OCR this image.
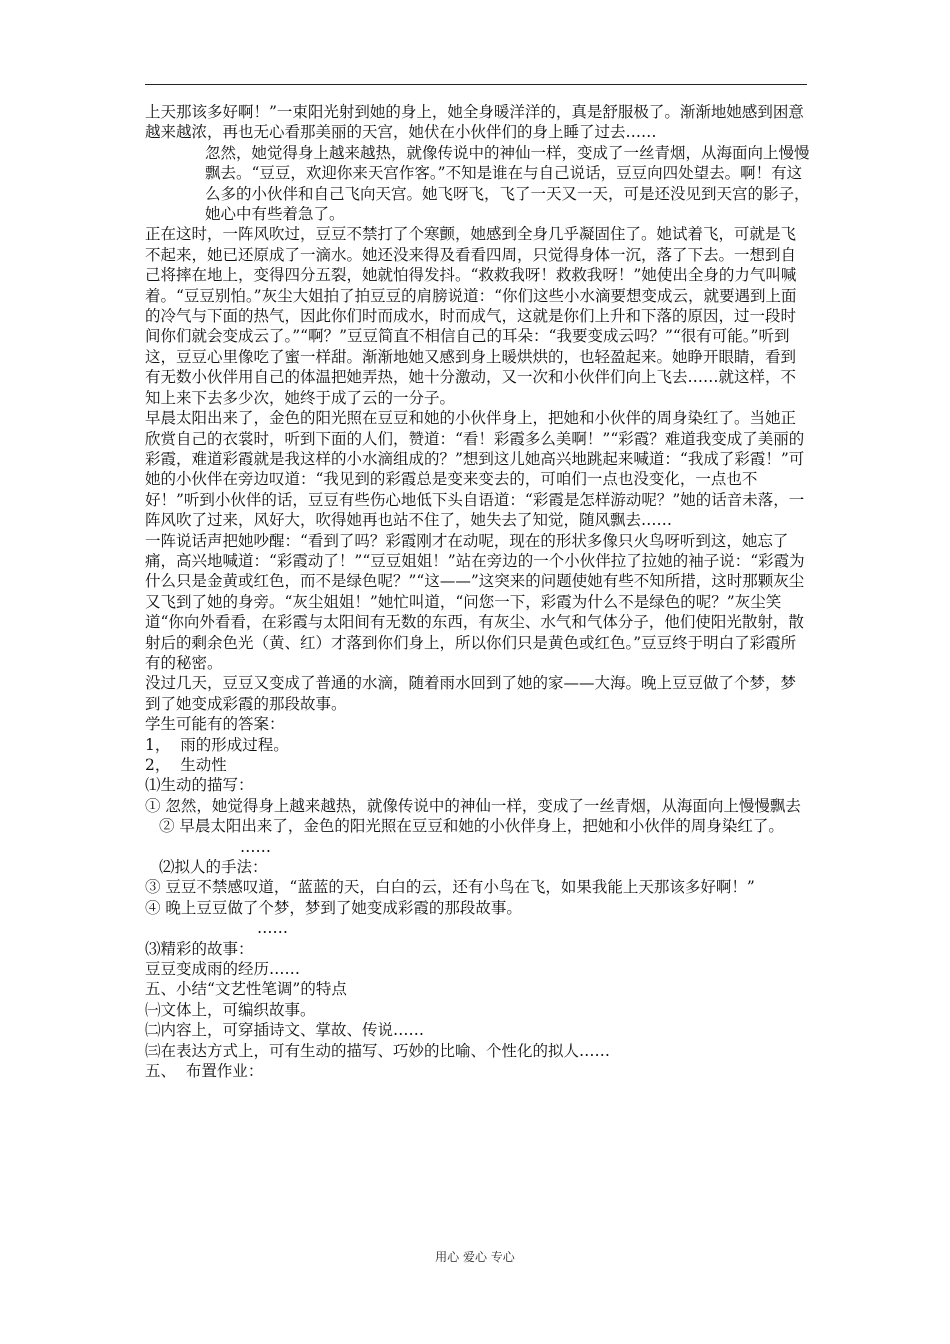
上天那该多好啊！”一束阳光射到她的身上，她全身暖洋洋的，真是舒服极了。渐渐地她感到困意越来越浓，再也无心看那美丽的天宫，她伏在小伙伴们的身上睡了过去……

忽然，她觉得身上越来越热，就像传说中的神仙一样，变成了一丝青烟，从海面向上慢慢飘去。“豆豆，欢迎你来天宫作客。”不知是谁在与自己说话，豆豆向四处望去。啊！有这么多的小伙伴和自己飞向天宫。她飞呀飞，飞了一天又一天，可是还没见到天宫的影子，她心中有些着急了。

正在这时，一阵风吹过，豆豆不禁打了个寒颤，她感到全身几乎凝固住了。她试着飞，可就是飞不起来，她已还原成了一滴水。她还没来得及看看四周，只觉得身体一沉，落了下去。一想到自己将摔在地上，变得四分五裂，她就怕得发抖。“救救我呀！救救我呀！”她使出全身的力气叫喊着。“豆豆别怕。”灰尘大姐拍了拍豆豆的肩膀说道：“你们这些小水滴要想变成云，就要遇到上面的冷气与下面的热气，因此你们时而成水，时而成气，这就是你们上升和下落的原因，过一段时间你们就会变成云了。”“啊？”豆豆简直不相信自己的耳朵：“我要变成云吗？”“很有可能。”听到这，豆豆心里像吃了蜜一样甜。渐渐地她又感到身上暖烘烘的，也轻盈起来。她睁开眼睛，看到有无数小伙伴用自己的体温把她弄热，她十分激动，又一次和小伙伴们向上飞去……就这样，不知上来下去多少次，她终于成了云的一分子。

早晨太阳出来了，金色的阳光照在豆豆和她的小伙伴身上，把她和小伙伴的周身染红了。当她正欣赏自己的衣裳时，听到下面的人们，赞道：“看！彩霞多么美啊！”“彩霞？难道我变成了美丽的彩霞，难道彩霞就是我这样的小水滴组成的？”想到这儿她高兴地跳起来喊道：“我成了彩霞！”可她的小伙伴在旁边叹道：“我见到的彩霞总是变来变去的，可咱们一点也没变化，一点也不好！”听到小伙伴的话，豆豆有些伤心地低下头自语道：“彩霞是怎样游动呢？”她的话音未落，一阵风吹了过来，风好大，吹得她再也站不住了，她失去了知觉，随风飘去……

一阵说话声把她吵醒：“看到了吗？彩霞刚才在动呢，现在的形状多像只火鸟呀听到这，她忘了痛，高兴地喊道：“彩霞动了！”“豆豆姐姐！”站在旁边的一个小伙伴拉了拉她的袖子说：“彩霞为什么只是金黄或红色，而不是绿色呢？”“这——”这突来的问题使她有些不知所措，这时那颗灰尘又飞到了她的身旁。“灰尘姐姐！”她忙叫道，“问您一下，彩霞为什么不是绿色的呢？”灰尘笑道“你向外看看，在彩霞与太阳间有无数的东西，有灰尘、水气和气体分子，他们使阳光散射，散射后的剩余色光（黄、红）才落到你们身上，所以你们只是黄色或红色。”豆豆终于明白了彩霞所有的秘密。

没过几天，豆豆又变成了普通的水滴，随着雨水回到了她的家——大海。晚上豆豆做了个梦，梦到了她变成彩霞的那段故事。

学生可能有的答案：

1，  雨的形成过程。

2，  生动性

⑴生动的描写：

① 忽然，她觉得身上越来越热，就像传说中的神仙一样，变成了一丝青烟，从海面向上慢慢飘去

② 早晨太阳出来了，金色的阳光照在豆豆和她的小伙伴身上，把她和小伙伴的周身染红了。

……

⑵拟人的手法：

③ 豆豆不禁感叹道，“蓝蓝的天，白白的云，还有小鸟在飞，如果我能上天那该多好啊！”

④ 晚上豆豆做了个梦，梦到了她变成彩霞的那段故事。

……

⑶精彩的故事：

豆豆变成雨的经历……

五、小结“文艺性笔调”的特点

㈠文体上，可编织故事。

㈡内容上，可穿插诗文、掌故、传说……

㈢在表达方式上，可有生动的描写、巧妙的比喻、个性化的拟人……

五、  布置作业：

用心 爱心 专心
